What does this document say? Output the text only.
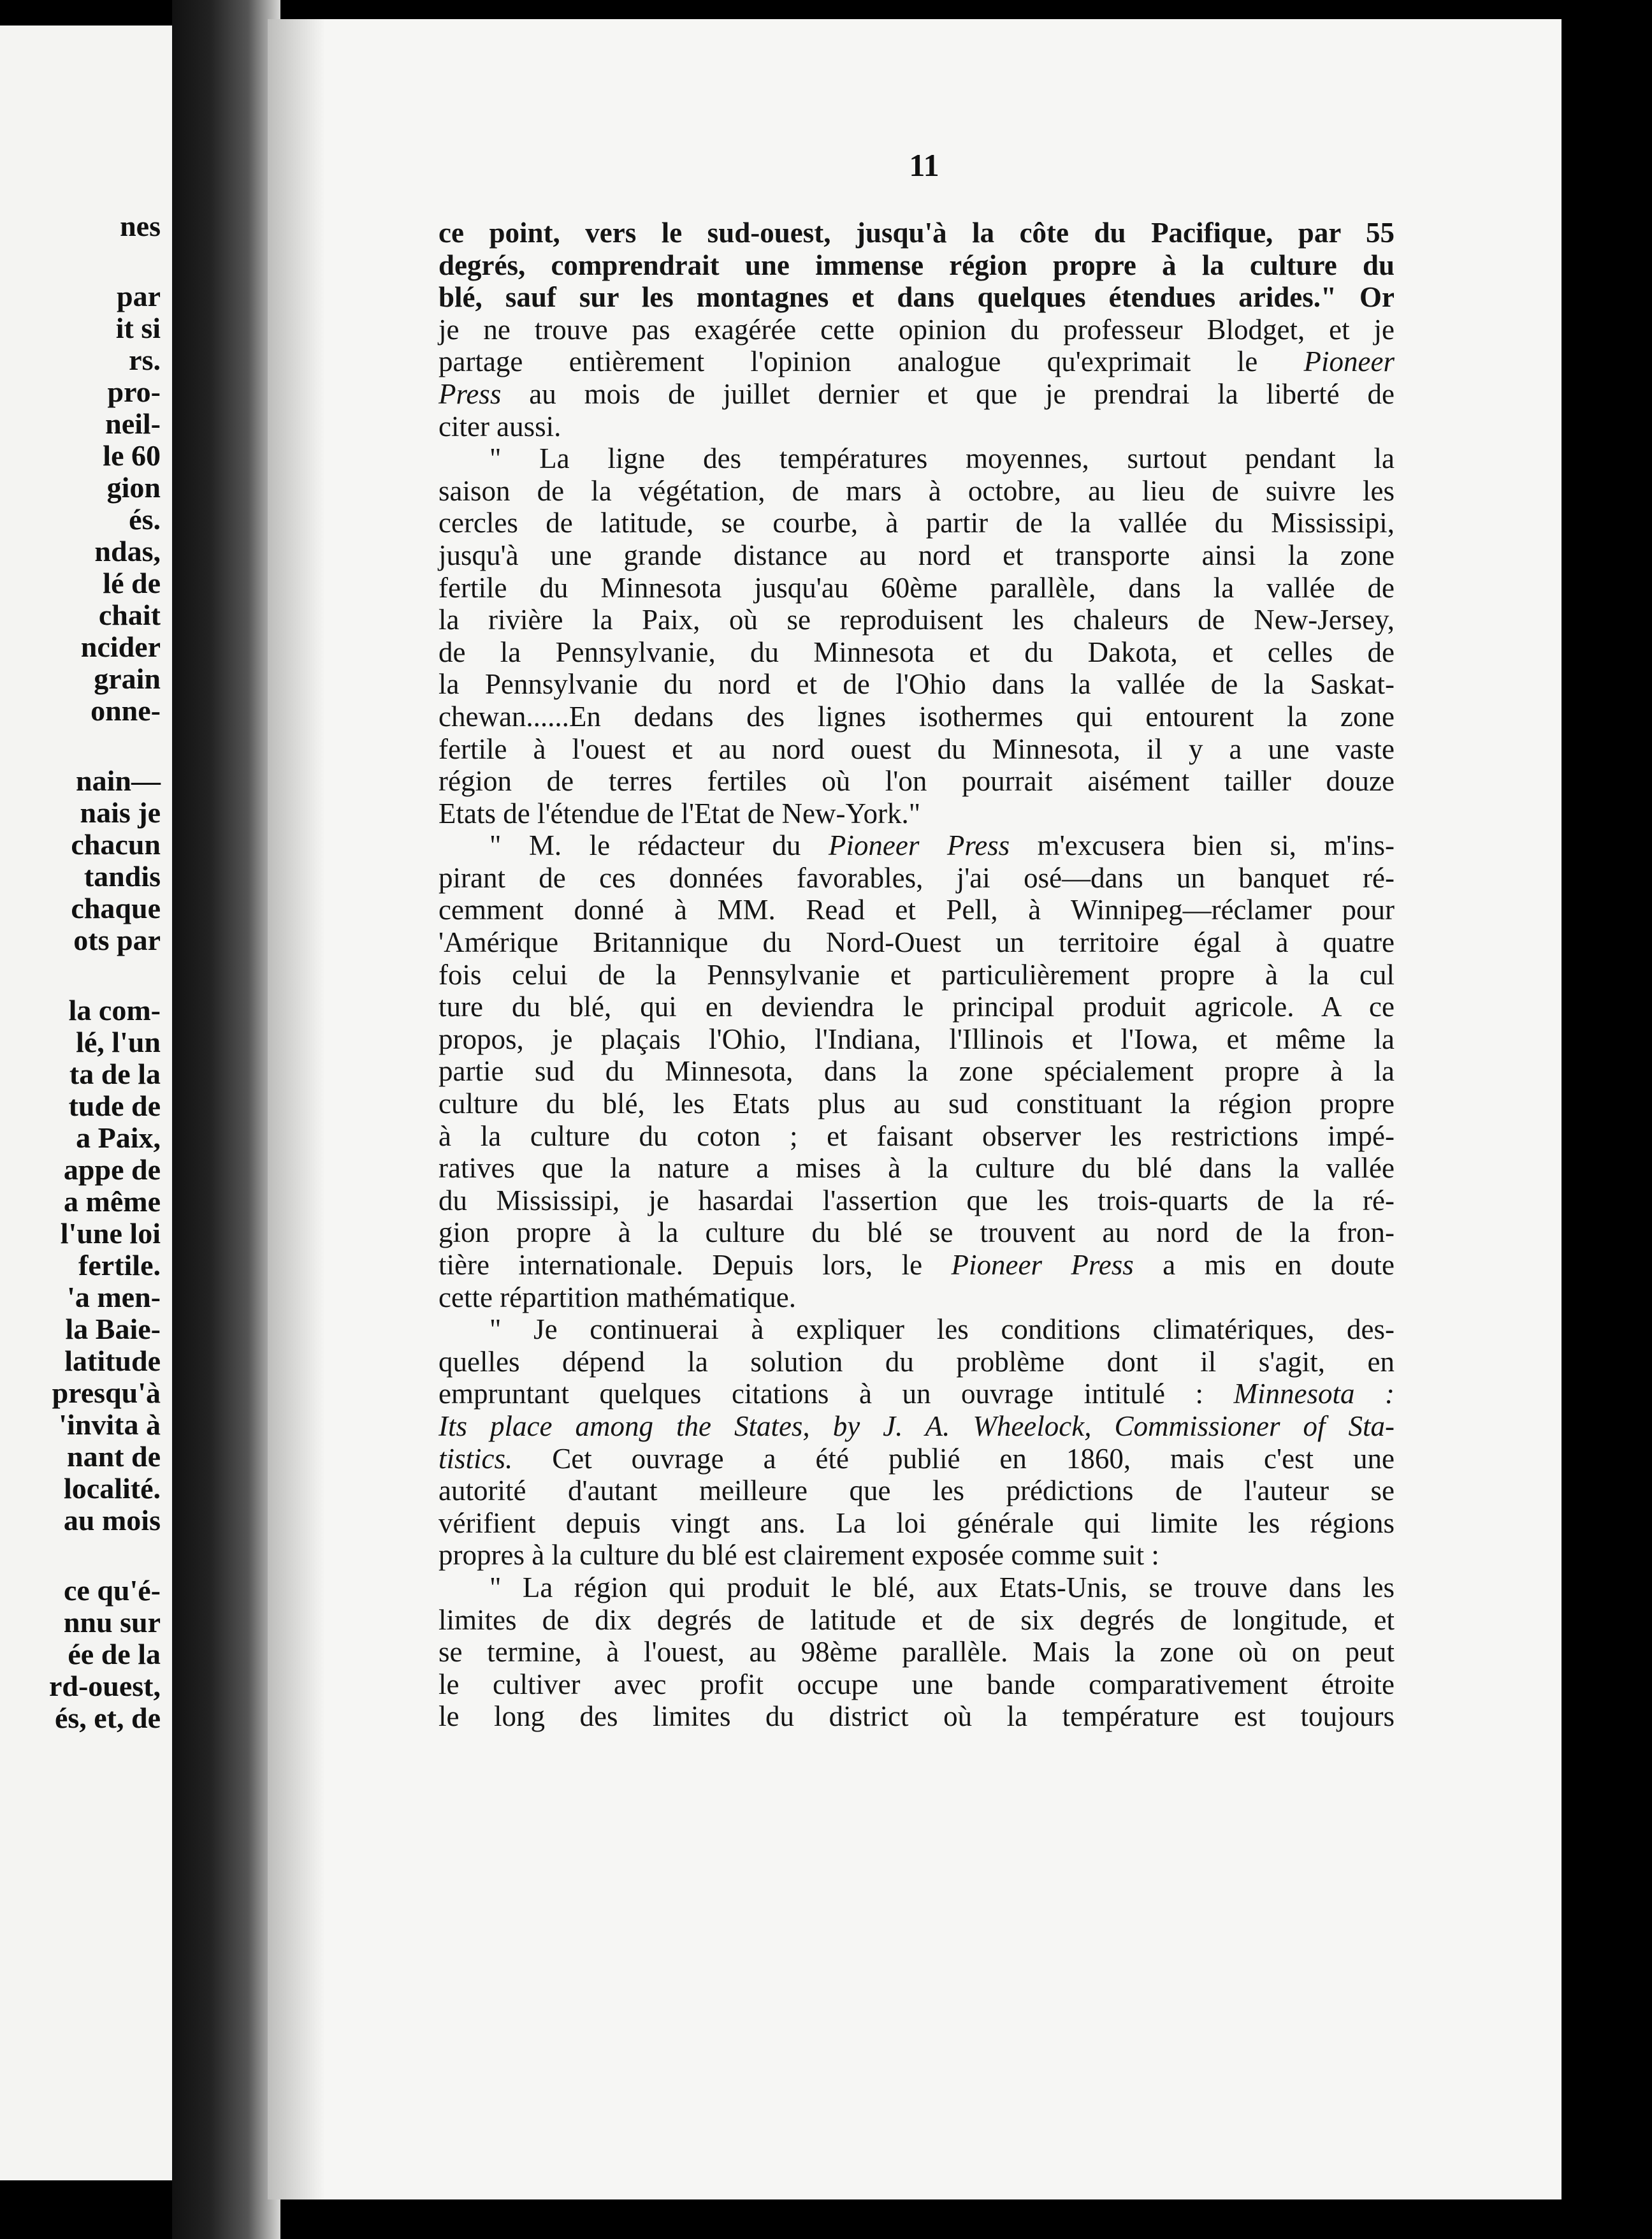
nes
par
it si
rs.
pro-
neil-
le 60
gion
és.
ndas,
lé de
chait
ncider
grain
onne-
nain—
nais je
chacun
tandis
chaque
ots par
la com-
lé, l'un
ta de la
tude de
a Paix,
appe de
a même
l'une loi
fertile.
'a men-
la Baie-
latitude
presqu'à
'invita à
nant de
localité.
au mois
ce qu'é-
nnu sur
ée de la
rd-ouest,
és, et, de
11
ce point, vers le sud-ouest, jusqu'à la côte du Pacifique, par 55
degrés, comprendrait une immense région propre à la culture du
blé, sauf sur les montagnes et dans quelques étendues arides." Or
je ne trouve pas exagérée cette opinion du professeur Blodget, et je
partage entièrement l'opinion analogue qu'exprimait le Pioneer
Press au mois de juillet dernier et que je prendrai la liberté de
citer aussi.
" La ligne des températures moyennes, surtout pendant la
saison de la végétation, de mars à octobre, au lieu de suivre les
cercles de latitude, se courbe, à partir de la vallée du Mississipi,
jusqu'à une grande distance au nord et transporte ainsi la zone
fertile du Minnesota jusqu'au 60ème parallèle, dans la vallée de
la rivière la Paix, où se reproduisent les chaleurs de New-Jersey,
de la Pennsylvanie, du Minnesota et du Dakota, et celles de
la Pennsylvanie du nord et de l'Ohio dans la vallée de la Saskat-
chewan......En dedans des lignes isothermes qui entourent la zone
fertile à l'ouest et au nord ouest du Minnesota, il y a une vaste
région de terres fertiles où l'on pourrait aisément tailler douze
Etats de l'étendue de l'Etat de New-York."
" M. le rédacteur du Pioneer Press m'excusera bien si, m'ins-
pirant de ces données favorables, j'ai osé—dans un banquet ré-
cemment donné à MM. Read et Pell, à Winnipeg—réclamer pour
'Amérique Britannique du Nord-Ouest un territoire égal à quatre
fois celui de la Pennsylvanie et particulièrement propre à la cul
ture du blé, qui en deviendra le principal produit agricole. A ce
propos, je plaçais l'Ohio, l'Indiana, l'Illinois et l'Iowa, et même la
partie sud du Minnesota, dans la zone spécialement propre à la
culture du blé, les Etats plus au sud constituant la région propre
à la culture du coton ; et faisant observer les restrictions impé-
ratives que la nature a mises à la culture du blé dans la vallée
du Mississipi, je hasardai l'assertion que les trois-quarts de la ré-
gion propre à la culture du blé se trouvent au nord de la fron-
tière internationale. Depuis lors, le Pioneer Press a mis en doute
cette répartition mathématique.
" Je continuerai à expliquer les conditions climatériques, des-
quelles dépend la solution du problème dont il s'agit, en
empruntant quelques citations à un ouvrage intitulé : Minnesota :
Its place among the States, by J. A. Wheelock, Commissioner of Sta-
tistics. Cet ouvrage a été publié en 1860, mais c'est une
autorité d'autant meilleure que les prédictions de l'auteur se
vérifient depuis vingt ans. La loi générale qui limite les régions
propres à la culture du blé est clairement exposée comme suit :
" La région qui produit le blé, aux Etats-Unis, se trouve dans les
limites de dix degrés de latitude et de six degrés de longitude, et
se termine, à l'ouest, au 98ème parallèle. Mais la zone où on peut
le cultiver avec profit occupe une bande comparativement étroite
le long des limites du district où la température est toujours
